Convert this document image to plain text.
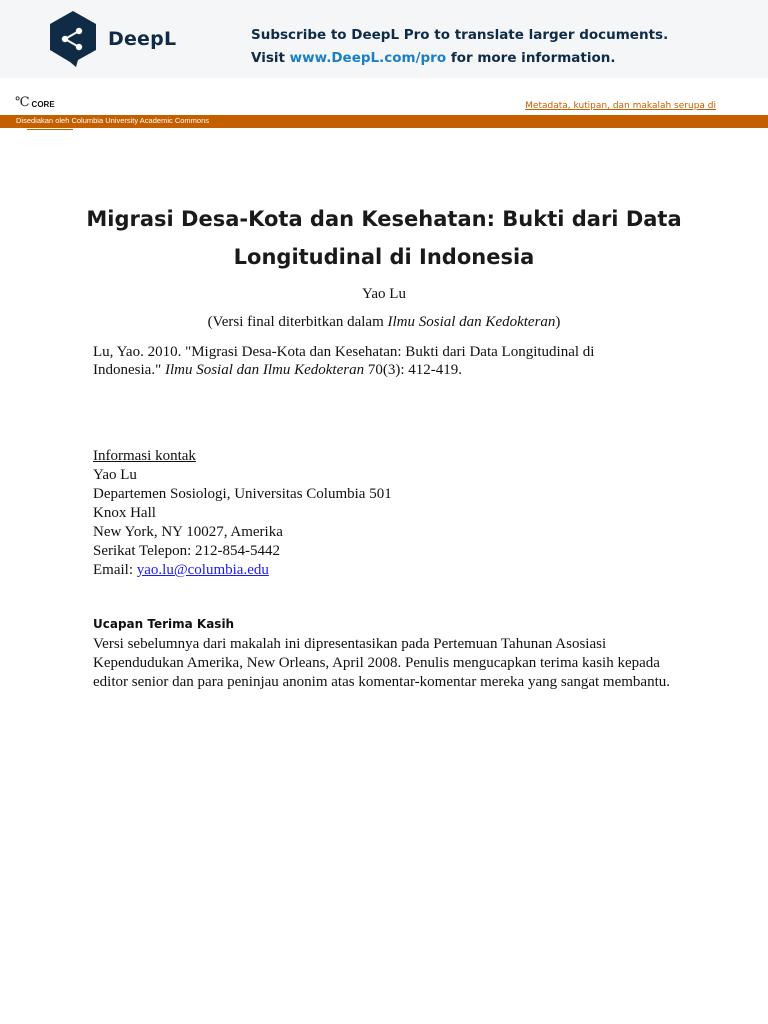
DeepL	Subscribe to DeepL Pro to translate larger documents.
Visit www.DeepL.com/pro for more information.
℃ CORE	Metadata, kutipan, dan makalah serupa di
Disediakan oleh Columbia University Academic Commons
Migrasi Desa-Kota dan Kesehatan: Bukti dari Data Longitudinal di Indonesia
Yao Lu
(Versi final diterbitkan dalam Ilmu Sosial dan Kedokteran)
Lu, Yao. 2010. "Migrasi Desa-Kota dan Kesehatan: Bukti dari Data Longitudinal di Indonesia." Ilmu Sosial dan Ilmu Kedokteran 70(3): 412-419.
Informasi kontak
Yao Lu
Departemen Sosiologi, Universitas Columbia 501
Knox Hall
New York, NY 10027, Amerika
Serikat Telepon: 212-854-5442
Email: yao.lu@columbia.edu
Ucapan Terima Kasih
Versi sebelumnya dari makalah ini dipresentasikan pada Pertemuan Tahunan Asosiasi Kependudukan Amerika, New Orleans, April 2008. Penulis mengucapkan terima kasih kepada editor senior dan para peninjau anonim atas komentar-komentar mereka yang sangat membantu.
